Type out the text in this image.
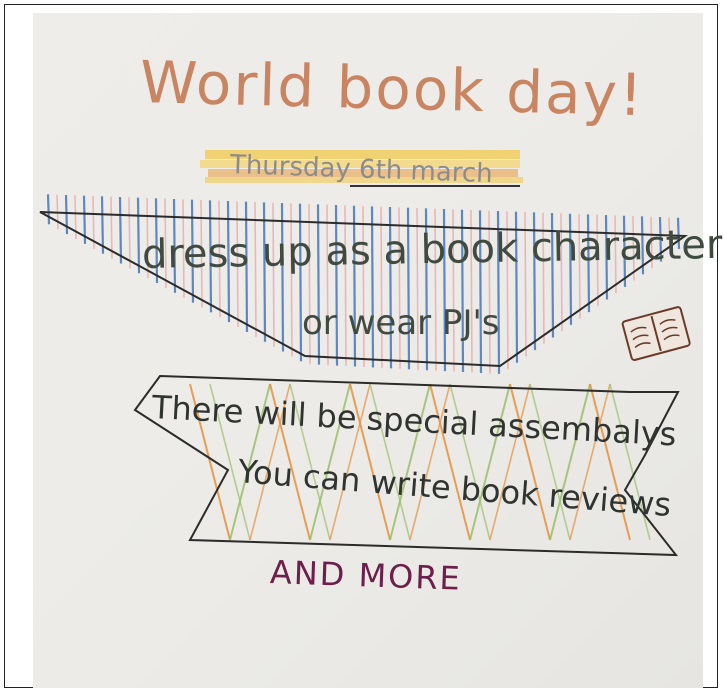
World book day!
Thursday 6th march
dress up as a book character
or wear PJ's
There will be special assembalys
You can write book reviews
AND MORE
